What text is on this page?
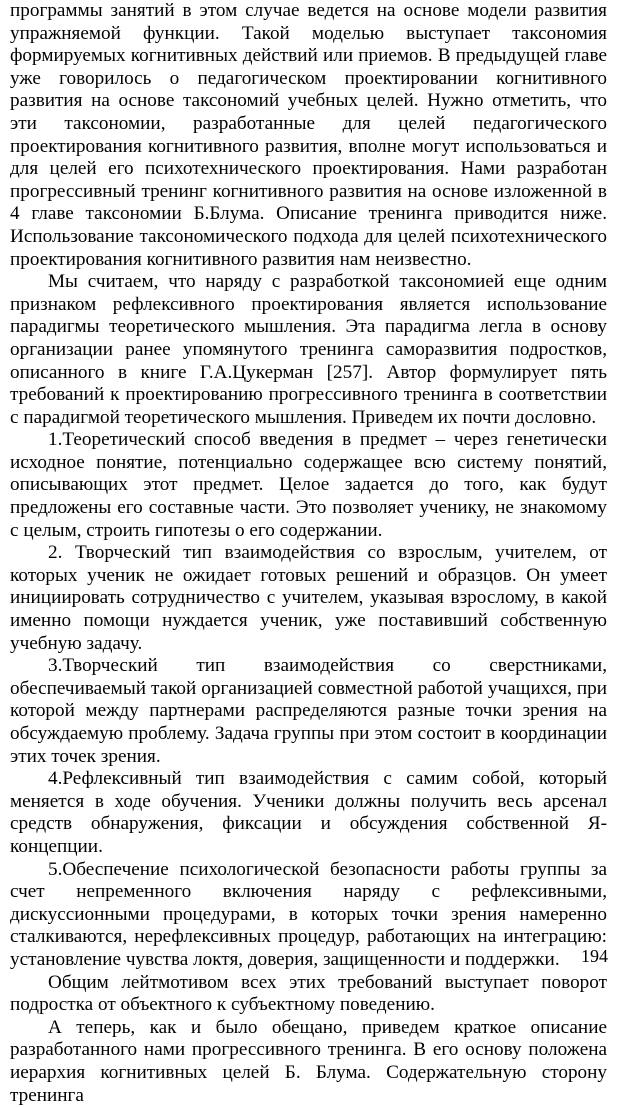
программы занятий в этом случае ведется на основе модели развития упражняемой функции. Такой моделью выступает таксономия формируемых когнитивных действий или приемов. В предыдущей главе уже говорилось о педагогическом проектировании когнитивного развития на основе таксономий учебных целей. Нужно отметить, что эти таксономии, разработанные для целей педагогического проектирования когнитивного развития, вполне могут использоваться и для целей его психотехнического проектирования. Нами разработан прогрессивный тренинг когнитивного развития на основе изложенной в 4 главе таксономии Б.Блума. Описание тренинга приводится ниже. Использование таксономического подхода для целей психотехнического проектирования когнитивного развития нам неизвестно.

Мы считаем, что наряду с разработкой таксономией еще одним признаком рефлексивного проектирования является использование парадигмы теоретического мышления. Эта парадигма легла в основу организации ранее упомянутого тренинга саморазвития подростков, описанного в книге Г.А.Цукерман [257]. Автор формулирует пять требований к проектированию прогрессивного тренинга в соответствии с парадигмой теоретического мышления. Приведем их почти дословно.

1.Теоретический способ введения в предмет – через генетически исходное понятие, потенциально содержащее всю систему понятий, описывающих этот предмет. Целое задается до того, как будут предложены его составные части. Это позволяет ученику, не знакомому с целым, строить гипотезы о его содержании.

2. Творческий тип взаимодействия со взрослым, учителем, от которых ученик не ожидает готовых решений и образцов. Он умеет инициировать сотрудничество с учителем, указывая взрослому, в какой именно помощи нуждается ученик, уже поставивший собственную учебную задачу.

3.Творческий тип взаимодействия со сверстниками, обеспечиваемый такой организацией совместной работой учащихся, при которой между партнерами распределяются разные точки зрения на обсуждаемую проблему. Задача группы при этом состоит в координации этих точек зрения.

4.Рефлексивный тип взаимодействия с самим собой, который меняется в ходе обучения. Ученики должны получить весь арсенал средств обнаружения, фиксации и обсуждения собственной Я-концепции.

5.Обеспечение психологической безопасности работы группы за счет непременного включения наряду с рефлексивными, дискуссионными процедурами, в которых точки зрения намеренно сталкиваются, нерефлексивных процедур, работающих на интеграцию: установление чувства локтя, доверия, защищенности и поддержки.

Общим лейтмотивом всех этих требований выступает поворот подростка от объектного к субъектному поведению.

А теперь, как и было обещано, приведем краткое описание разработанного нами прогрессивного тренинга. В его основу положена иерархия когнитивных целей Б. Блума. Содержательную сторону тренинга

194
